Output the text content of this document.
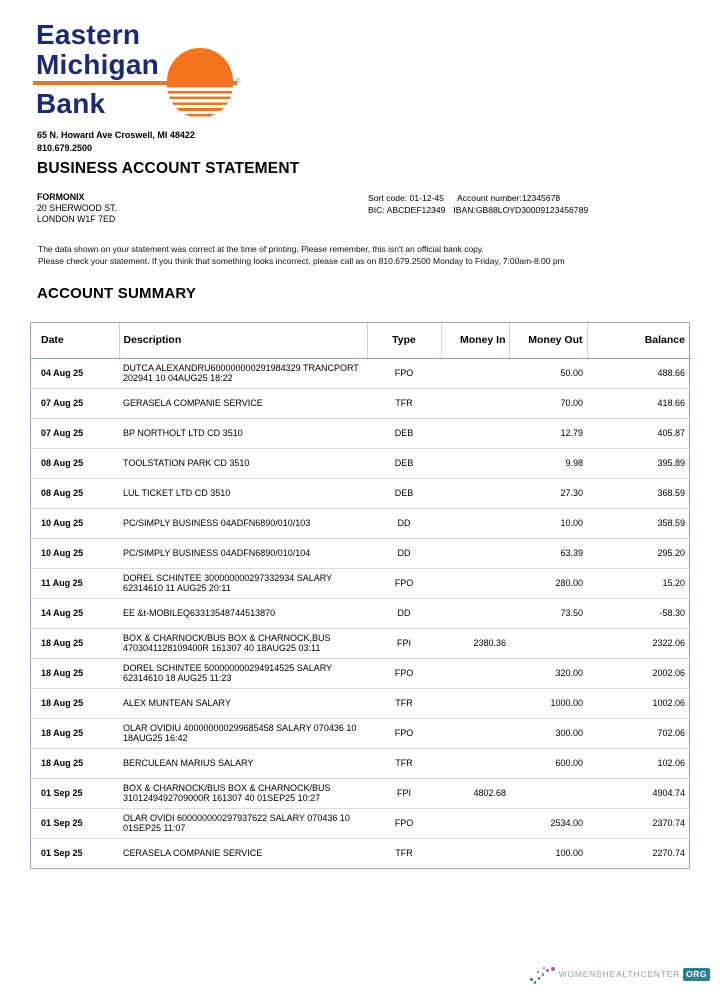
Eastern
Michigan
Bank
®
65 N. Howard Ave Croswell, MI 48422
810.679.2500
BUSINESS ACCOUNT STATEMENT
FORMONIX
20 SHERWOOD ST.
LONDON W1F 7ED
Sort code: 01-12-45 Account number:12345678
BIC: ABCDEF12349 IBAN:GB88LOYD30009123456789
The data shown on your statement was correct at the time of printing. Please remember, this isn't an official bank copy.
Please check your statement. If you think that something looks incorrect, please call as on 810.679.2500 Monday to Friday, 7:00am-8:00 pm
ACCOUNT SUMMARY
Date	Description	Type	Money In	Money Out	Balance
04 Aug 25	DUTCA ALEXANDRU600000000291984329 TRANCPORT
202941 10 04AUG25 18:22	FPO		50.00	488.66
07 Aug 25	GERASELA COMPANIE SERVICE	TFR		70.00	418.66
07 Aug 25	BP NORTHOLT LTD CD 3510	DEB		12.79	405.87
08 Aug 25	TOOLSTATION PARK CD 3510	DEB		9.98	395.89
08 Aug 25	LUL TICKET LTD CD 3510	DEB		27.30	368.59
10 Aug 25	PC/SIMPLY BUSINESS 04ADFN6890/010/103	DD		10.00	358.59
10 Aug 25	PC/SIMPLY BUSINESS 04ADFN6890/010/104	DD		63.39	295.20
11 Aug 25	DOREL SCHINTEE 300000000297332934 SALARY
62314610 11 AUG25 20:11	FPO		280.00	15.20
14 Aug 25	EE &t-MOBILEQ63313548744513870	DD		73.50	-58.30
18 Aug 25	BOX & CHARNOCK/BUS BOX & CHARNOCK,BUS
4703041128109400R 161307 40 18AUG25 03:11	FPI	2380.36		2322.06
18 Aug 25	DOREL SCHINTEE 500000000294914525 SALARY
62314610 18 AUG25 11:23	FPO		320.00	2002.06
18 Aug 25	ALEX MUNTEAN SALARY	TFR		1000.00	1002.06
18 Aug 25	OLAR OVIDIU 400000000299685458 SALARY 070436 10
18AUG25 16:42	FPO		300.00	702.06
18 Aug 25	BERCULEAN MARIUS SALARY	TFR		600.00	102.06
01 Sep 25	BOX & CHARNOCK/BUS BOX & CHARNOCK/BUS
3101249492709000R 161307 40 01SEP25 10:27	FPI	4802.68		4904.74
01 Sep 25	OLAR OVIDI 600000000297937622 SALARY 070436 10
01SEP25 11:07	FPO		2534.00	2370.74
01 Sep 25	CERASELA COMPANIE SERVICE	TFR		100.00	2270.74
WOMENSHEALTHCENTER ORG
